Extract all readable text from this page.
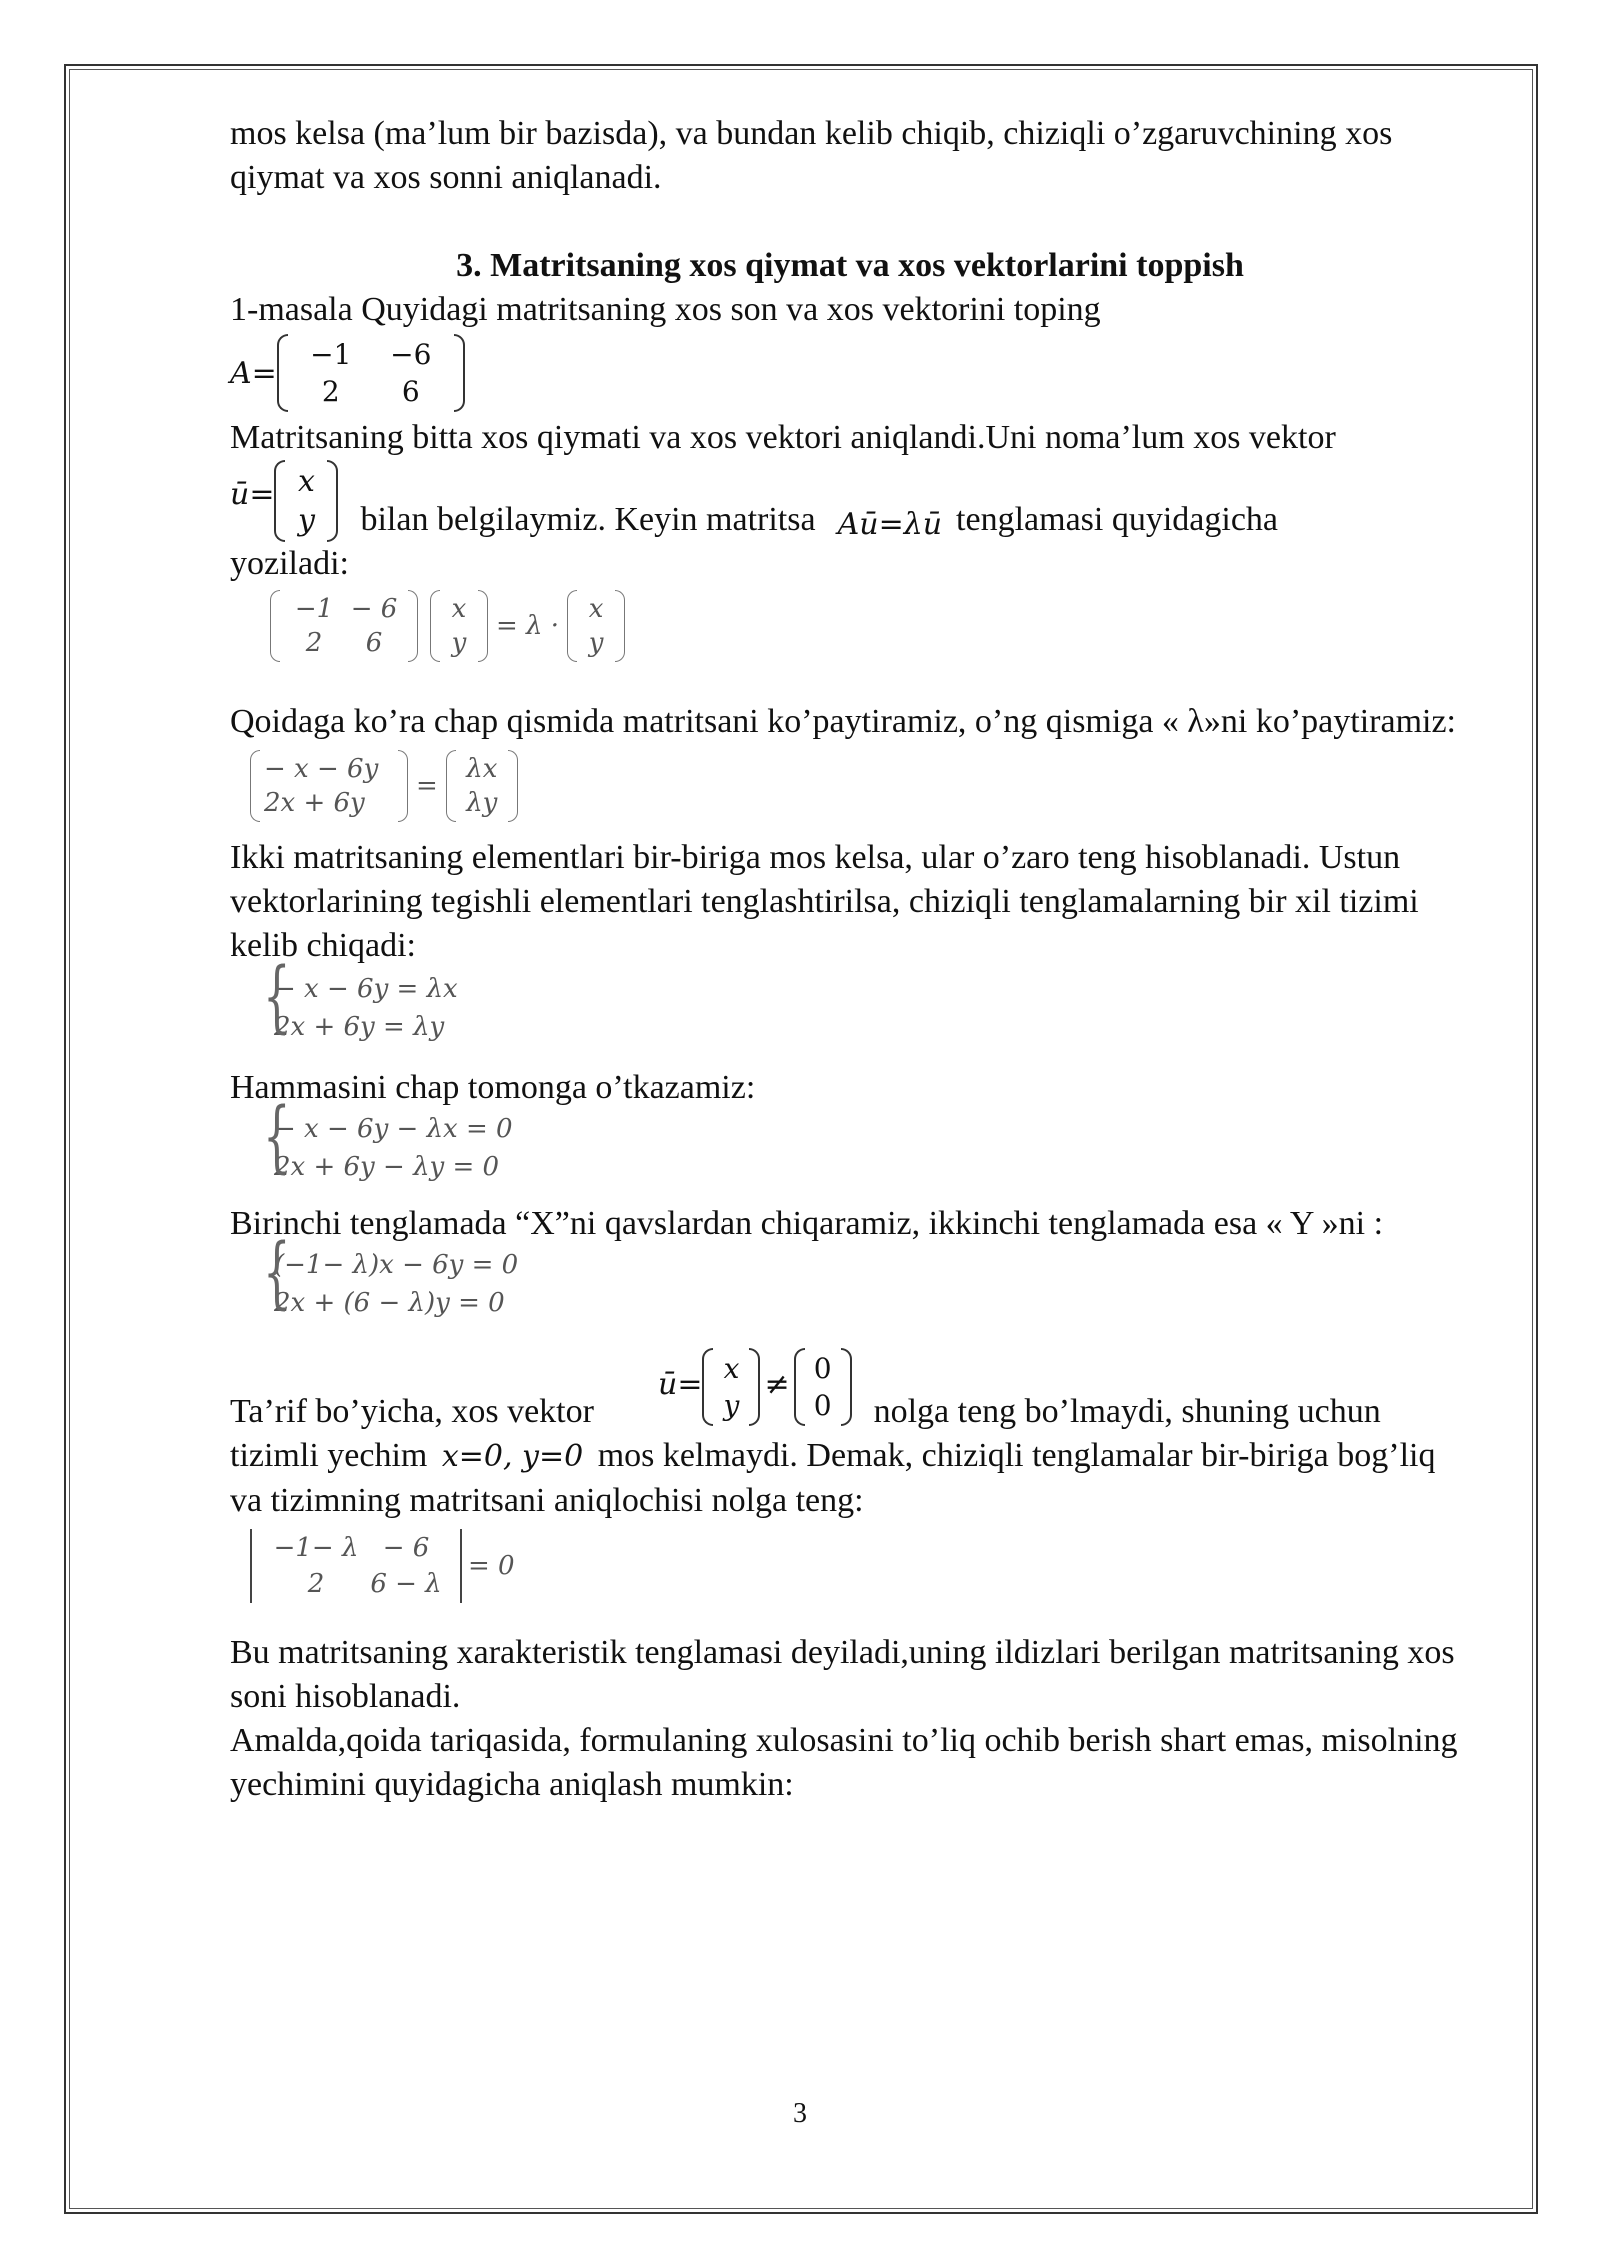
mos kelsa (ma’lum bir bazisda), va bundan kelib chiqib, chiziqli o’zgaruvchining xos qiymat va xos sonni aniqlanadi.

3. Matritsaning xos qiymat va xos vektorlarini toppish

1-masala Quyidagi matritsaning xos son va xos vektorini toping

A=
−1	−6
2	6

Matritsaning bitta xos qiymati va xos vektori aniqlandi.Uni noma’lum xos vektor

ū= x
y bilan belgilaymiz. Keyin matritsa Aū=λū tenglamasi quyidagicha

yoziladi:

−1 − 6
2	6
x
y
= λ ·
x
y

Qoidaga ko’ra chap qismida matritsani ko’paytiramiz, o’ng qismiga « λ»ni ko’paytiramiz:

− x − 6y
2x + 6y
=
λx
λy

Ikki matritsaning elementlari bir-biriga mos kelsa, ular o’zaro teng hisoblanadi. Ustun vektorlarining tegishli elementlari tenglashtirilsa, chiziqli tenglamalarning bir xil tizimi kelib chiqadi:

{ − x − 6y = λx
2x + 6y = λy

Hammasini chap tomonga o’tkazamiz:

{ − x − 6y − λx = 0
2x + 6y − λy = 0

Birinchi tenglamada “X”ni qavslardan chiqaramiz, ikkinchi tenglamada esa « Y »ni :

{ (−1− λ)x − 6y = 0
2x + (6 − λ)y = 0
Ta’rif bo’yicha, xos vektor
ū= x
y
≠ 0
0 nolga teng bo’lmaydi, shuning uchun

tizimli yechim x=0, y=0 mos kelmaydi. Demak, chiziqli tenglamalar bir-biriga bog’liq va tizimning matritsani aniqlochisi nolga teng:

−1− λ − 6
2	6 − λ
= 0

Bu matritsaning xarakteristik tenglamasi deyiladi,uning ildizlari berilgan matritsaning xos soni hisoblanadi.

Amalda,qoida tariqasida, formulaning xulosasini to’liq ochib berish shart emas, misolning yechimini quyidagicha aniqlash mumkin:

3
